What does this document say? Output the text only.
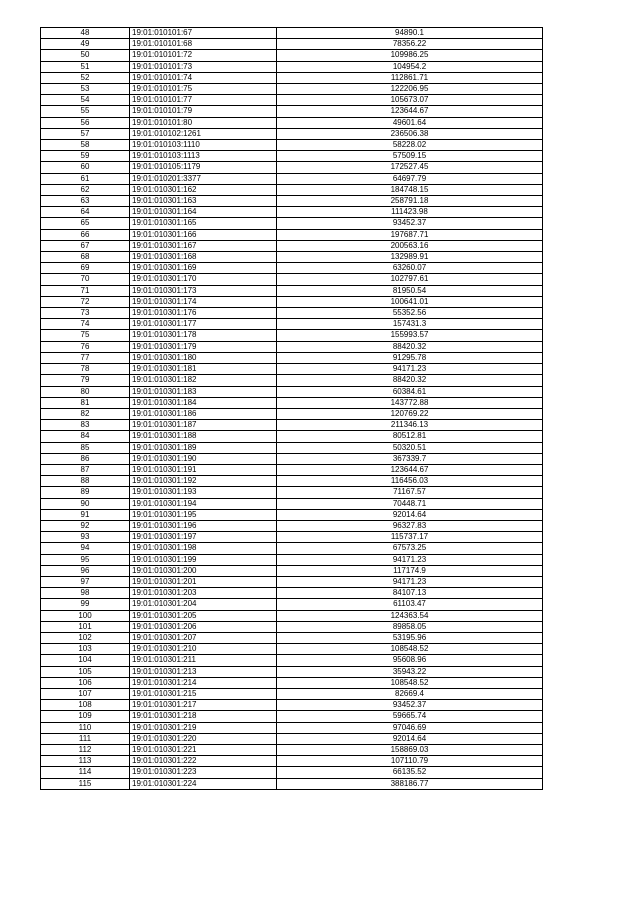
48	19:01:010101:67	94890.1
49	19:01:010101:68	78356.22
50	19:01:010101:72	109986.25
51	19:01:010101:73	104954.2
52	19:01:010101:74	112861.71
53	19:01:010101:75	122206.95
54	19:01:010101:77	105673.07
55	19:01:010101:79	123644.67
56	19:01:010101:80	49601.64
57	19:01:010102:1261	236506.38
58	19:01:010103:1110	58228.02
59	19:01:010103:1113	57509.15
60	19:01:010105:1179	172527.45
61	19:01:010201:3377	64697.79
62	19:01:010301:162	184748.15
63	19:01:010301:163	258791.18
64	19:01:010301:164	111423.98
65	19:01:010301:165	93452.37
66	19:01:010301:166	197687.71
67	19:01:010301:167	200563.16
68	19:01:010301:168	132989.91
69	19:01:010301:169	63260.07
70	19:01:010301:170	102797.61
71	19:01:010301:173	81950.54
72	19:01:010301:174	100641.01
73	19:01:010301:176	55352.56
74	19:01:010301:177	157431.3
75	19:01:010301:178	155993.57
76	19:01:010301:179	88420.32
77	19:01:010301:180	91295.78
78	19:01:010301:181	94171.23
79	19:01:010301:182	88420.32
80	19:01:010301:183	60384.61
81	19:01:010301:184	143772.88
82	19:01:010301:186	120769.22
83	19:01:010301:187	211346.13
84	19:01:010301:188	80512.81
85	19:01:010301:189	50320.51
86	19:01:010301:190	367339.7
87	19:01:010301:191	123644.67
88	19:01:010301:192	116456.03
89	19:01:010301:193	71167.57
90	19:01:010301:194	70448.71
91	19:01:010301:195	92014.64
92	19:01:010301:196	96327.83
93	19:01:010301:197	115737.17
94	19:01:010301:198	67573.25
95	19:01:010301:199	94171.23
96	19:01:010301:200	117174.9
97	19:01:010301:201	94171.23
98	19:01:010301:203	84107.13
99	19:01:010301:204	61103.47
100	19:01:010301:205	124363.54
101	19:01:010301:206	89858.05
102	19:01:010301:207	53195.96
103	19:01:010301:210	108548.52
104	19:01:010301:211	95608.96
105	19:01:010301:213	35943.22
106	19:01:010301:214	108548.52
107	19:01:010301:215	82669.4
108	19:01:010301:217	93452.37
109	19:01:010301:218	59665.74
110	19:01:010301:219	97046.69
111	19:01:010301:220	92014.64
112	19:01:010301:221	158869.03
113	19:01:010301:222	107110.79
114	19:01:010301:223	66135.52
115	19:01:010301:224	388186.77
